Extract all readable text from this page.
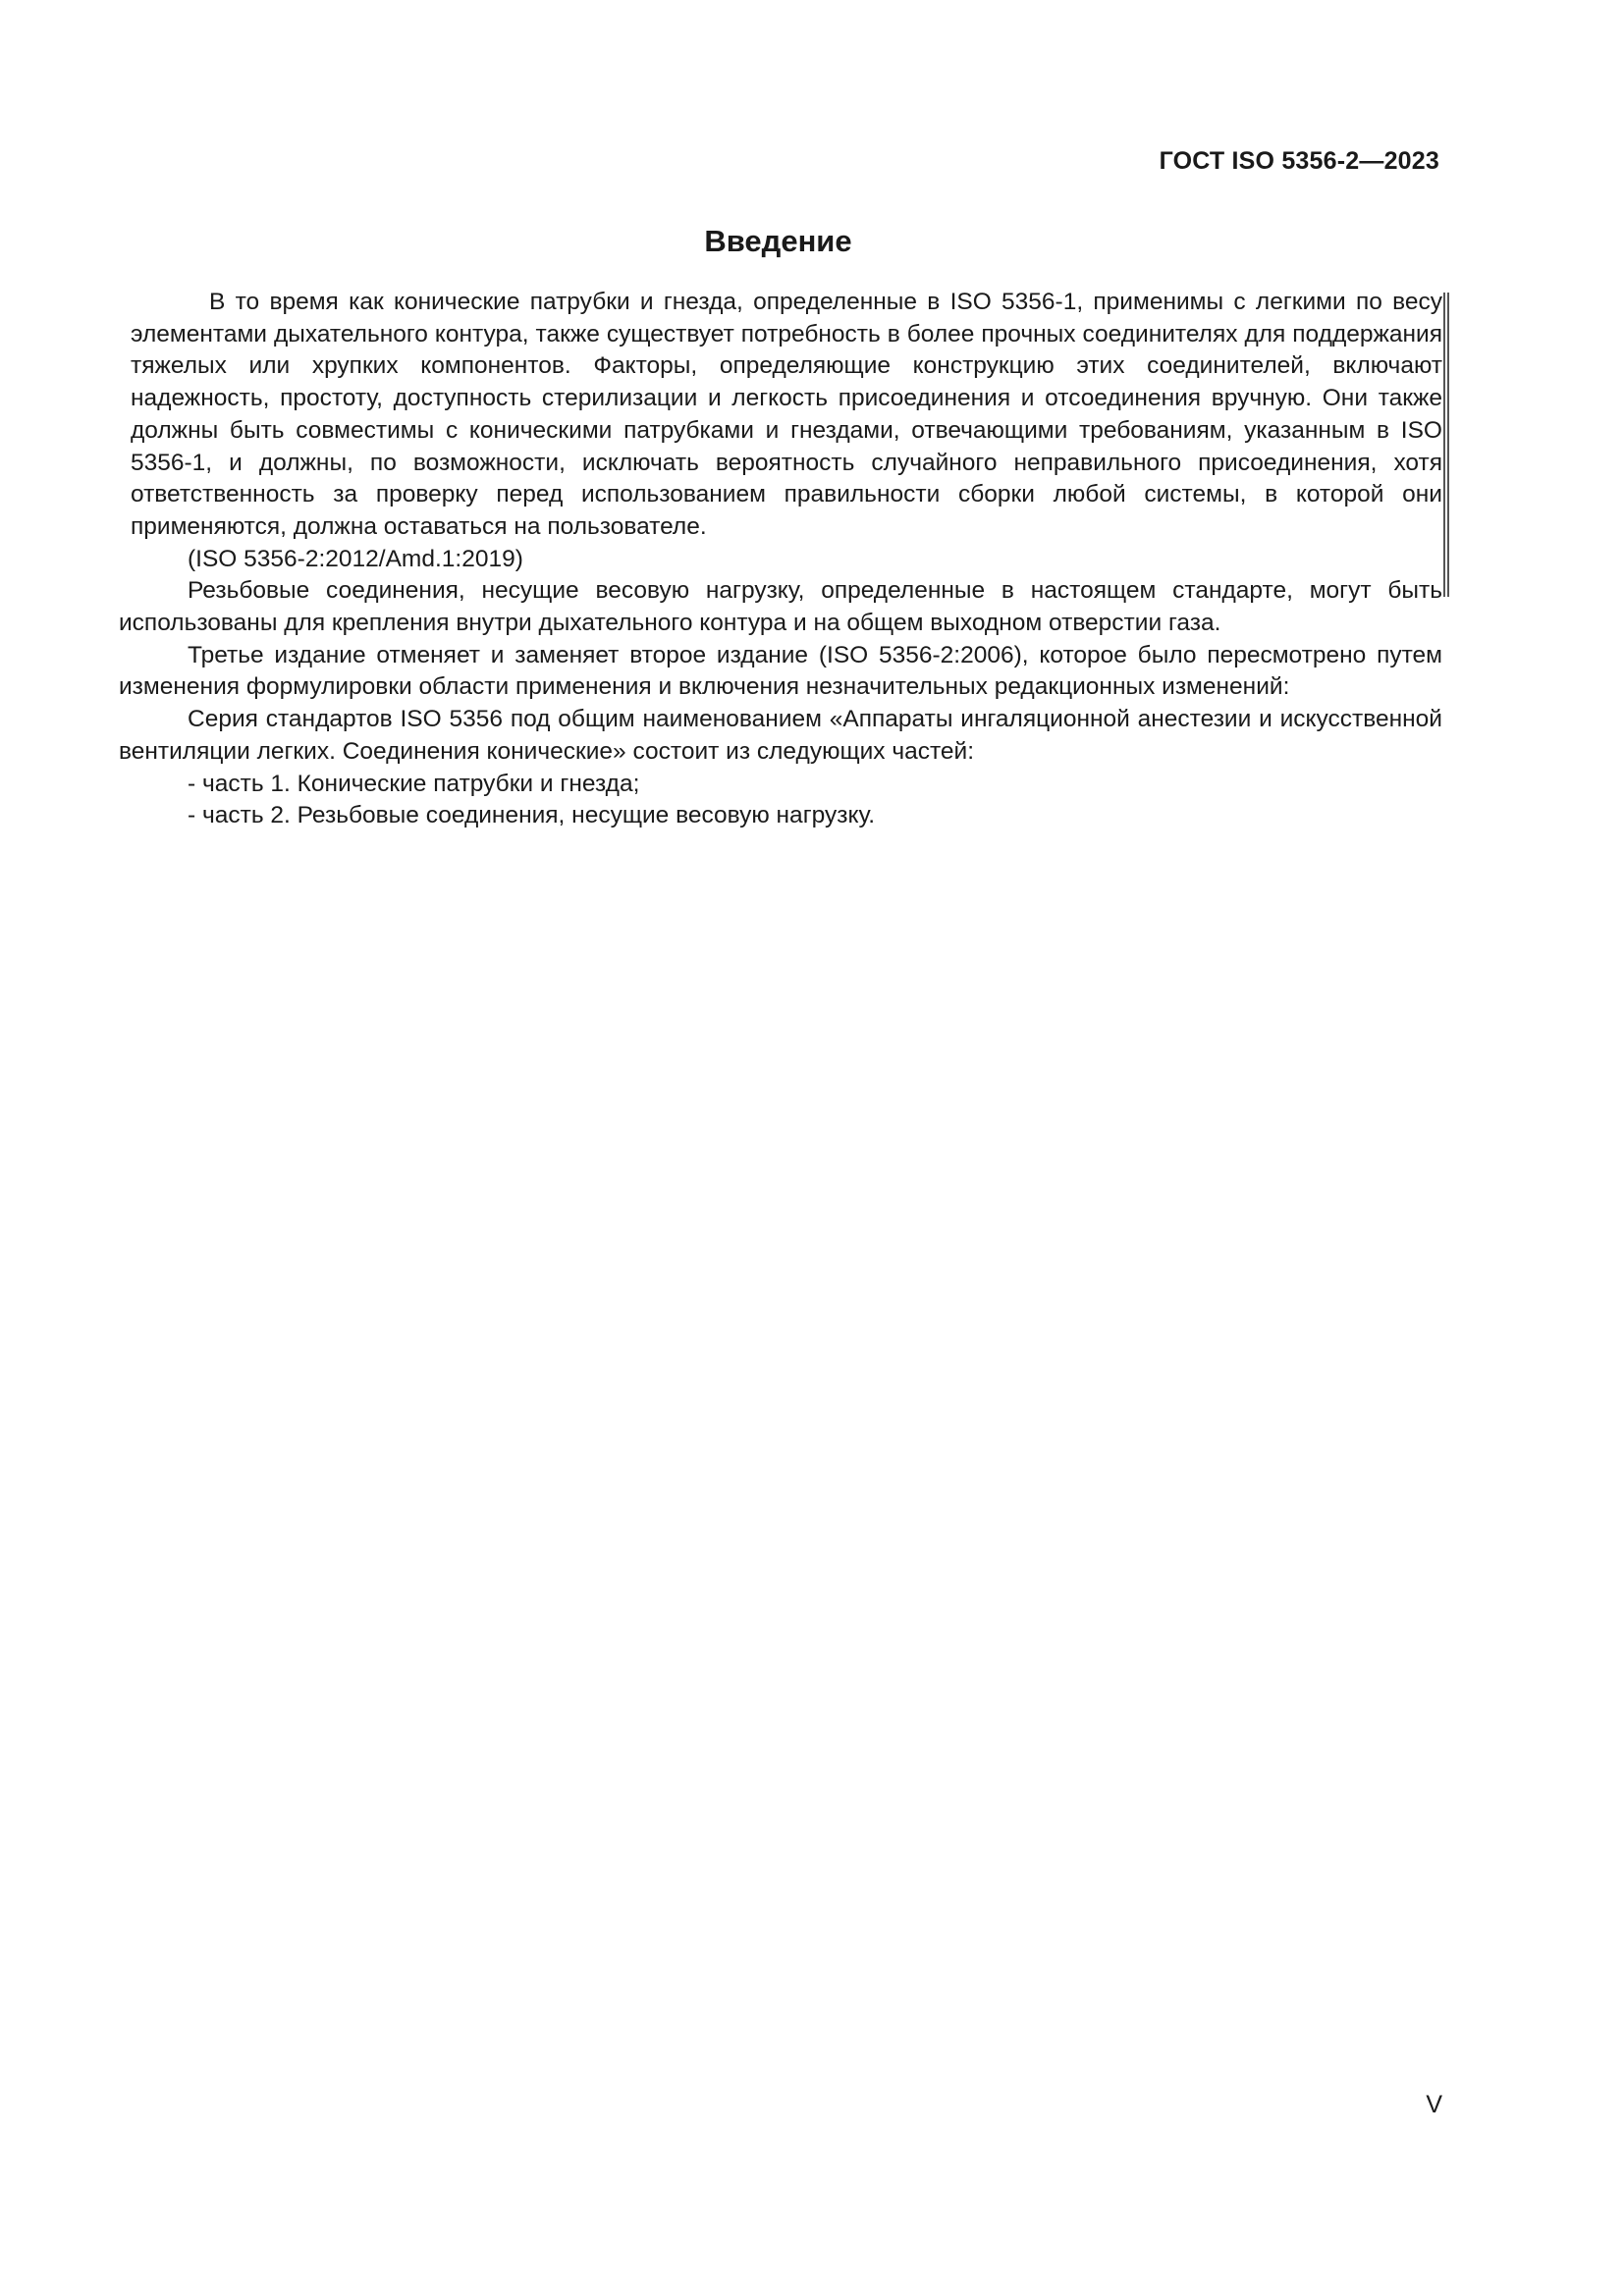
ГОСТ ISO 5356-2—2023
Введение

В то время как конические патрубки и гнезда, определенные в ISO 5356-1, применимы с легкими по весу элементами дыхательного контура, также существует потребность в более прочных соединителях для поддержания тяжелых или хрупких компонентов. Факторы, определяющие конструкцию этих соединителей, включают надежность, простоту, доступность стерилизации и легкость присоединения и отсоединения вручную. Они также должны быть совместимы с коническими патрубками и гнездами, отвечающими требованиям, указанным в ISO 5356-1, и должны, по возможности, исключать вероятность случайного неправильного присоединения, хотя ответственность за проверку перед использованием правильности сборки любой системы, в которой они применяются, должна оставаться на пользователе.

(ISO 5356-2:2012/Amd.1:2019)

Резьбовые соединения, несущие весовую нагрузку, определенные в настоящем стандарте, могут быть использованы для крепления внутри дыхательного контура и на общем выходном отверстии газа.

Третье издание отменяет и заменяет второе издание (ISO 5356-2:2006), которое было пересмотрено путем изменения формулировки области применения и включения незначительных редакционных изменений:

Серия стандартов ISO 5356 под общим наименованием «Аппараты ингаляционной анестезии и искусственной вентиляции легких. Соединения конические» состоит из следующих частей:

- часть 1. Конические патрубки и гнезда;

- часть 2. Резьбовые соединения, несущие весовую нагрузку.

V
